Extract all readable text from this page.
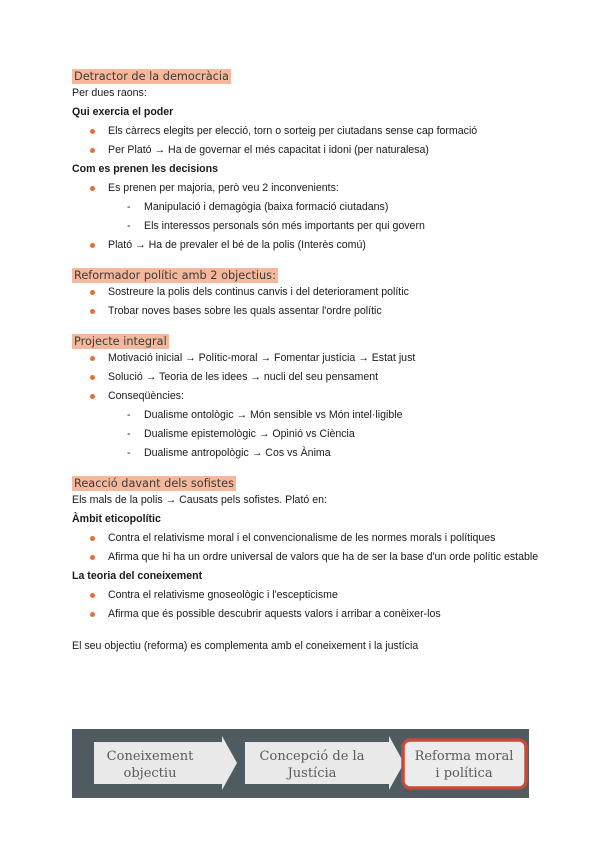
Detractor de la democràcia
Per dues raons:
Qui exercia el poder
Els càrrecs elegits per elecció, torn o sorteig per ciutadans sense cap formació
Per Plató → Ha de governar el més capacitat i idoni (per naturalesa)
Com es prenen les decisions
Es prenen per majoria, però veu 2 inconvenients:
- Manipulació i demagògia (baixa formació ciutadans)
- Els interessos personals són més importants per qui govern
Plató → Ha de prevaler el bé de la polis (Interès comú)
Reformador polític amb 2 objectius:
Sostreure la polis dels continus canvis i del deteriorament polític
Trobar noves bases sobre les quals assentar l'ordre polític
Projecte integral
Motivació inicial → Polític-moral → Fomentar justícia → Estat just
Solució → Teoria de les idees → nucli del seu pensament
Conseqüències:
- Dualisme ontològic → Món sensible vs Món intel·ligible
- Dualisme epistemològic → Opinió vs Ciència
- Dualisme antropològic → Cos vs Ànima
Reacció davant dels sofistes
Els mals de la polis → Causats pels sofistes. Plató en:
Àmbit eticopolític
Contra el relativisme moral i el convencionalisme de les normes morals i polítiques
Afirma que hi ha un ordre universal de valors que ha de ser la base d'un orde polític estable
La teoria del coneixement
Contra el relativisme gnoseològic i l'escepticisme
Afirma que és possible descubrir aquests valors i arribar a conèixer-los
El seu objectiu (reforma) es complementa amb el coneixement i la justícia
Coneixement
objectiu
Concepció de la
Justícia
Reforma moral
i política
